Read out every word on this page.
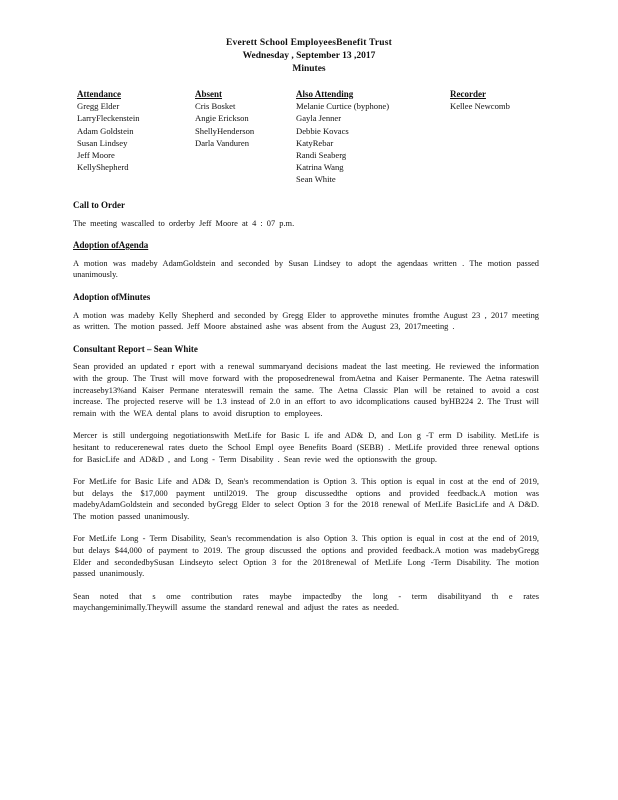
Everett School EmployeesBenefit Trust
Wednesday , September 13 ,2017
Minutes
Attendance
Gregg Elder
LarryFleckenstein
Adam Goldstein
Susan Lindsey
Jeff Moore
KellyShepherd
Absent
Cris Bosket
Angie Erickson
ShellyHenderson
Darla Vanduren
Also Attending
Melanie Curtice (byphone)
Gayla Jenner
Debbie Kovacs
KatyRebar
Randi Seaberg
Katrina Wang
Sean White
Recorder
Kellee Newcomb
Call to Order

The meeting wascalled to orderby Jeff Moore at 4 : 07 p.m.

Adoption ofAgenda

A motion was madeby AdamGoldstein and seconded by Susan Lindsey to adopt the agendaas written . The motion passed unanimously.

Adoption ofMinutes

A motion was madeby Kelly Shepherd and seconded by Gregg Elder to approvethe minutes fromthe August 23 , 2017 meeting as written. The motion passed. Jeff Moore abstained ashe was absent from the August 23, 2017meeting .

Consultant Report – Sean White

Sean provided an updated r eport with a renewal summaryand decisions madeat the last meeting. He reviewed the information with the group. The Trust will move forward with the proposedrenewal fromAetna and Kaiser Permanente. The Aetna rateswill increaseby13%and Kaiser Permane nterateswill remain the same. The Aetna Classic Plan will be retained to avoid a cost increase. The projected reserve will be 1.3 instead of 2.0 in an effort to avo idcomplications caused byHB224 2. The Trust will remain with the WEA dental plans to avoid disruption to employees.

Mercer is still undergoing negotiationswith MetLife for Basic L ife and AD& D, and Lon g -T erm D isability. MetLife is hesitant to reducerenewal rates dueto the School Empl oyee Benefits Board (SEBB) . MetLife provided three renewal options for BasicLife and AD&D , and Long - Term Disability . Sean revie wed the optionswith the group.

For MetLife for Basic Life and AD& D, Sean's recommendation is Option 3. This option is equal in cost at the end of 2019, but delays the $17,000 payment until2019. The group discussedthe options and provided feedback.A motion was madebyAdamGoldstein and seconded byGregg Elder to select Option 3 for the 2018 renewal of MetLife BasicLife and A D&D. The motion passed unanimously.

For MetLife Long - Term Disability, Sean's recommendation is also Option 3. This option is equal in cost at the end of 2019, but delays $44,000 of payment to 2019. The group discussed the options and provided feedback.A motion was madebyGregg Elder and secondedbySusan Lindseyto select Option 3 for the 2018renewal of MetLife Long -Term Disability. The motion passed unanimously.

Sean noted that s ome contribution rates maybe impactedby the long - term disabilityand th e rates maychangeminimally.Theywill assume the standard renewal and adjust the rates as needed.
